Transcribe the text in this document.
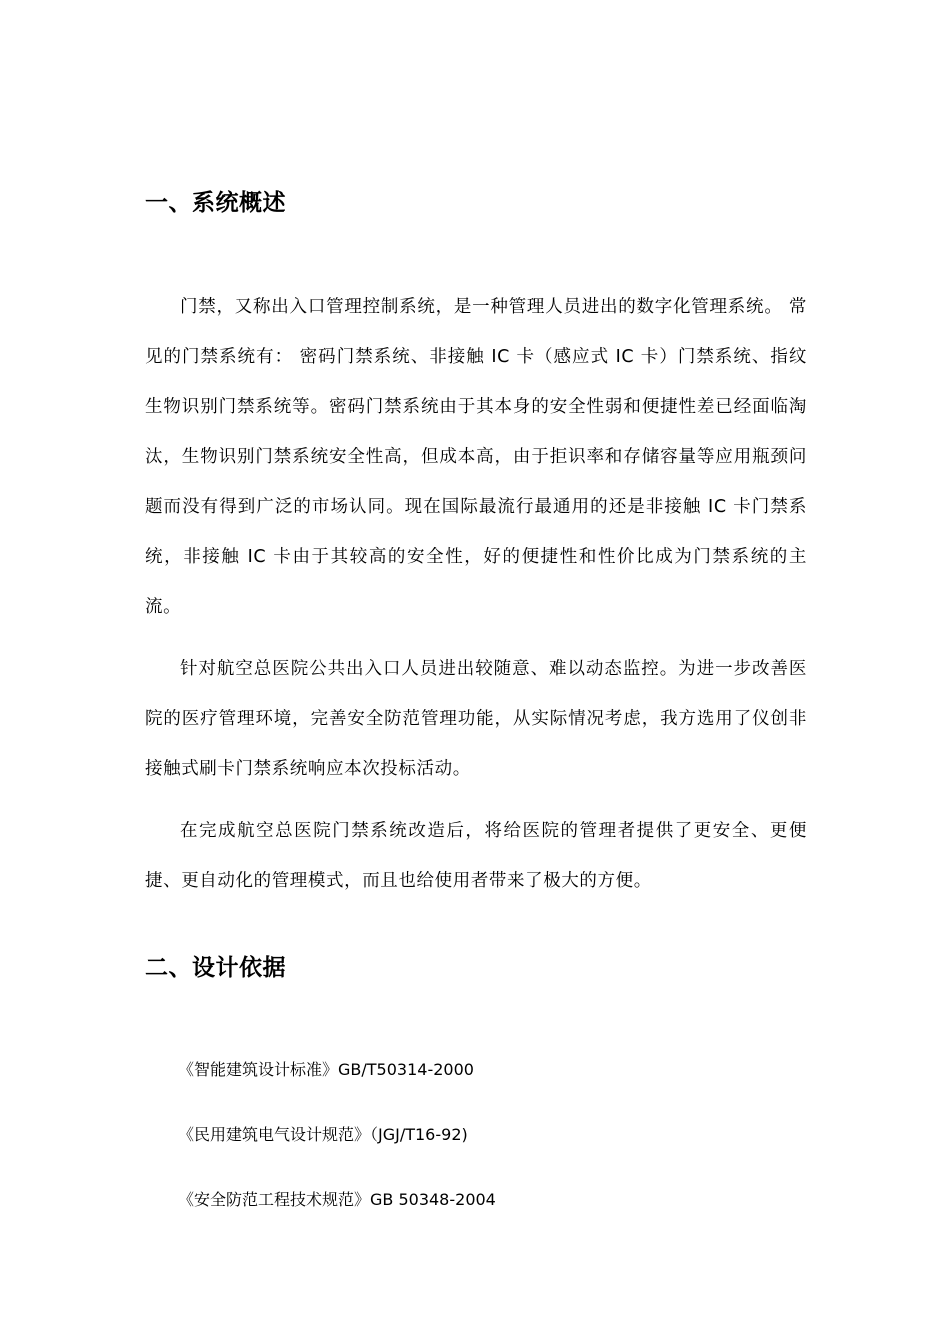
一、系统概述

门禁，又称出入口管理控制系统，是一种管理人员进出的数字化管理系统。 常见的门禁系统有： 密码门禁系统、非接触 IC 卡（感应式 IC 卡）门禁系统、指纹生物识别门禁系统等。密码门禁系统由于其本身的安全性弱和便捷性差已经面临淘汰，生物识别门禁系统安全性高，但成本高，由于拒识率和存储容量等应用瓶颈问题而没有得到广泛的市场认同。现在国际最流行最通用的还是非接触 IC 卡门禁系统，非接触 IC 卡由于其较高的安全性，好的便捷性和性价比成为门禁系统的主流。

针对航空总医院公共出入口人员进出较随意、难以动态监控。为进一步改善医院的医疗管理环境，完善安全防范管理功能，从实际情况考虑，我方选用了仪创非接触式刷卡门禁系统响应本次投标活动。

在完成航空总医院门禁系统改造后，将给医院的管理者提供了更安全、更便捷、更自动化的管理模式，而且也给使用者带来了极大的方便。

二、设计依据

《智能建筑设计标准》GB/T50314-2000

《民用建筑电气设计规范》（JGJ/T16-92)

《安全防范工程技术规范》GB 50348-2004
